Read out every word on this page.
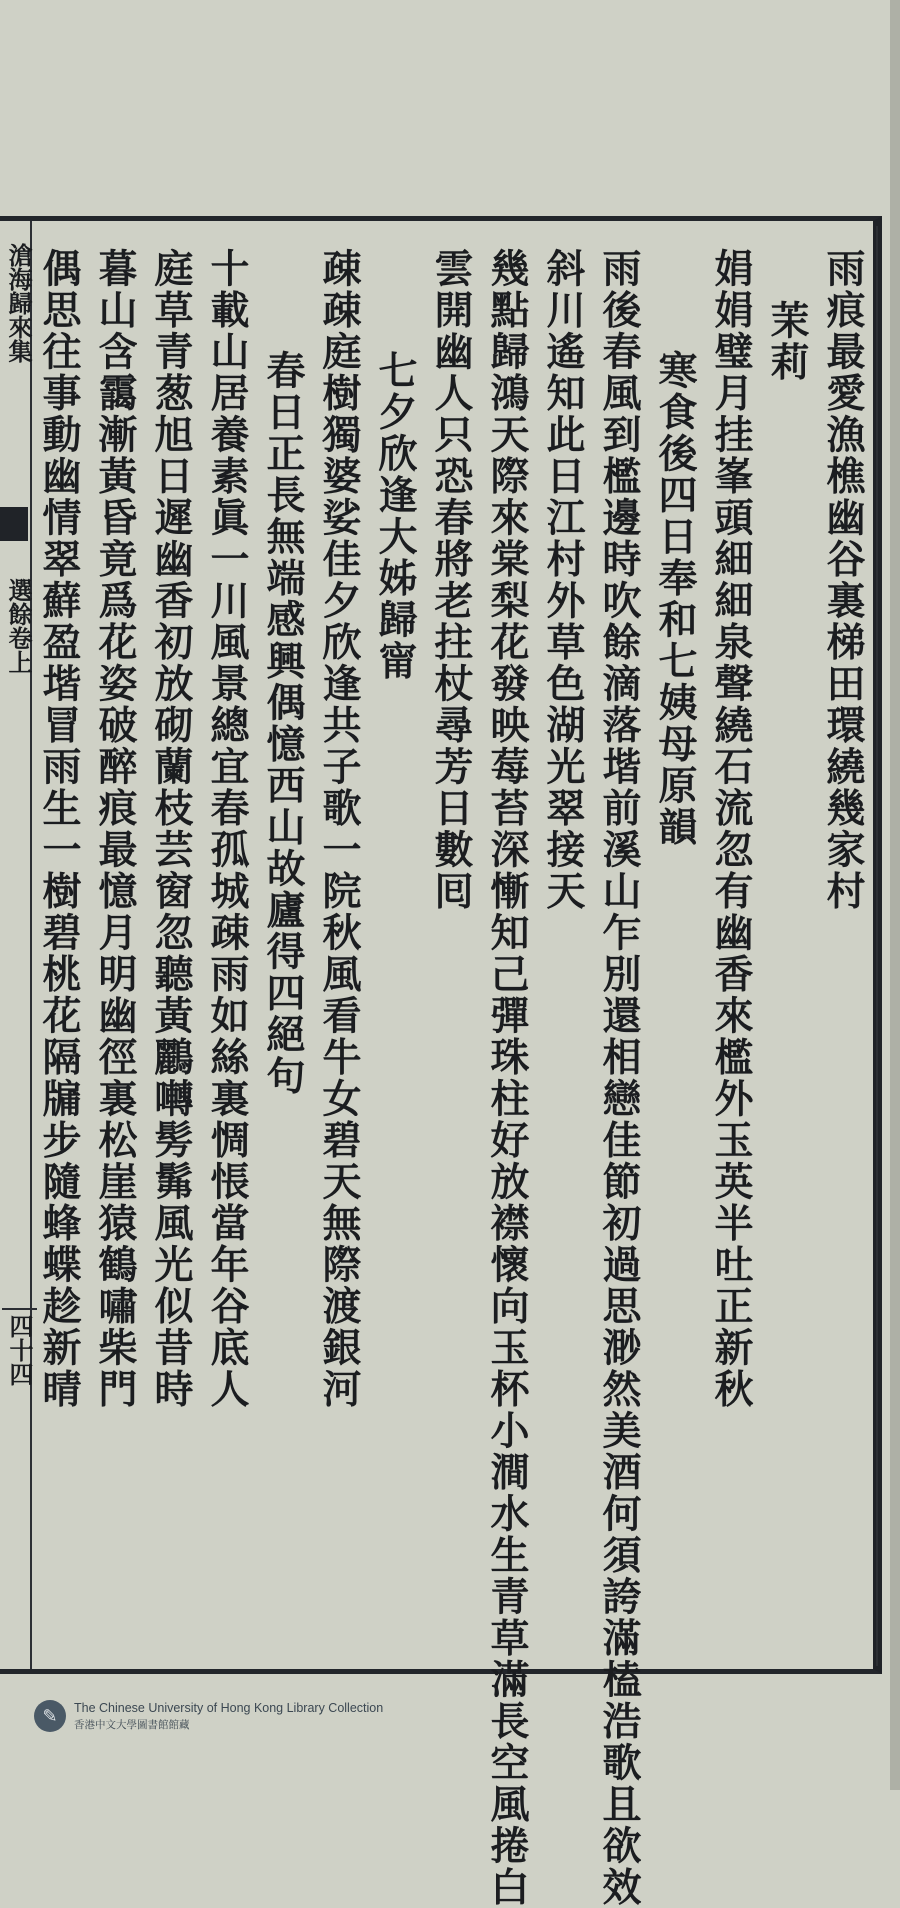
滄海歸來集
選餘卷上
四十四
雨痕最愛漁樵幽谷裏梯田環繞幾家村
茉莉
娟娟璧月挂峯頭細細泉聲繞石流忽有幽香來檻外玉英半吐正新秋
寒食後四日奉和七姨母原韻
雨後春風到檻邊時吹餘滴落堦前溪山乍別還相戀佳節初過思渺然美酒何須誇滿榼浩歌且欲效
斜川遙知此日江村外草色湖光翠接天
幾點歸鴻天際來棠梨花發映莓苔深慚知己彈珠柱好放襟懷向玉杯小澗水生青草滿長空風捲白
雲開幽人只恐春將老拄杖尋芳日數囘
七夕欣逢大姊歸甯
疎疎庭樹獨婆娑佳夕欣逢共子歌一院秋風看牛女碧天無際渡銀河
春日正長無端感興偶憶西山故廬得四絕句
十載山居養素眞一川風景總宜春孤城疎雨如絲裏惆悵當年谷底人
庭草青葱旭日遲幽香初放砌蘭枝芸窗忽聽黃鸝囀髣髴風光似昔時
暮山含靄漸黃昏竟爲花姿破醉痕最憶月明幽徑裏松崖猿鶴嘯柴門
偶思往事動幽情翠蘚盈堦冒雨生一樹碧桃花隔牖步隨蜂蝶趁新晴
✎	The Chinese University of Hong Kong Library Collection
香港中文大學圖書館館藏
